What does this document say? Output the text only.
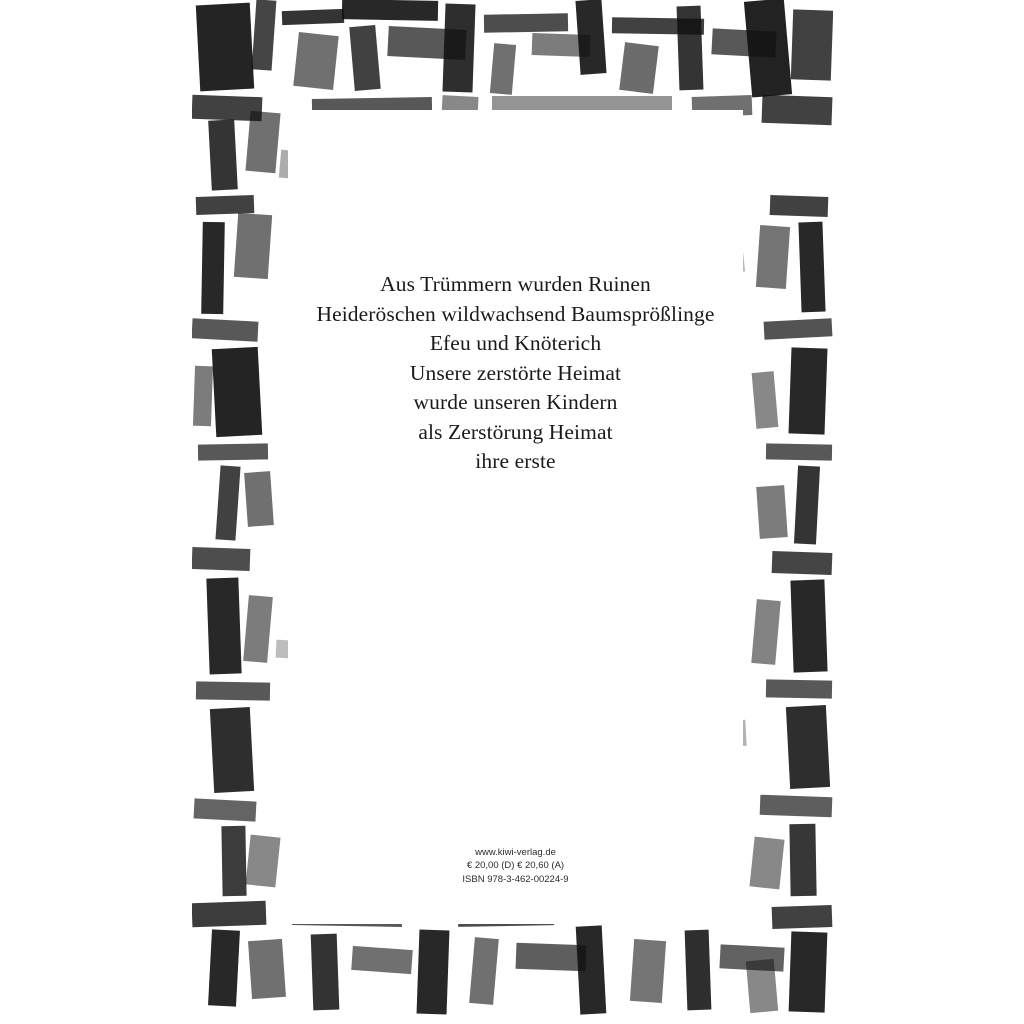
Aus Trümmern wurden Ruinen
Heideröschen wildwachsend Baumsprößlinge
Efeu und Knöterich
Unsere zerstörte Heimat
wurde unseren Kindern
als Zerstörung Heimat
ihre erste
www.kiwi-verlag.de
€ 20,00 (D) € 20,60 (A)
ISBN 978-3-462-00224-9
